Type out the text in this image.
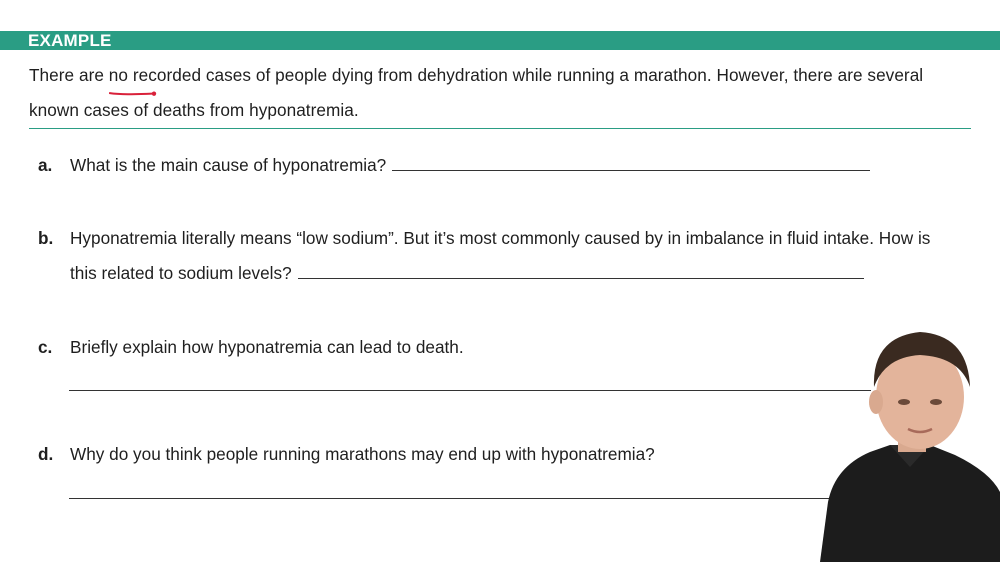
EXAMPLE
There are no recorded
cases of people dying from dehydration while running a marathon. However, there are several
known cases of deaths from hyponatremia.
a. What is the main cause of hyponatremia?
b. Hyponatremia literally means “low sodium”. But it’s most commonly caused by in imbalance in fluid intake. How is
this related to sodium levels?
c. Briefly explain how hyponatremia can lead to death.
d. Why do you think people running marathons may end up with hyponatremia?
